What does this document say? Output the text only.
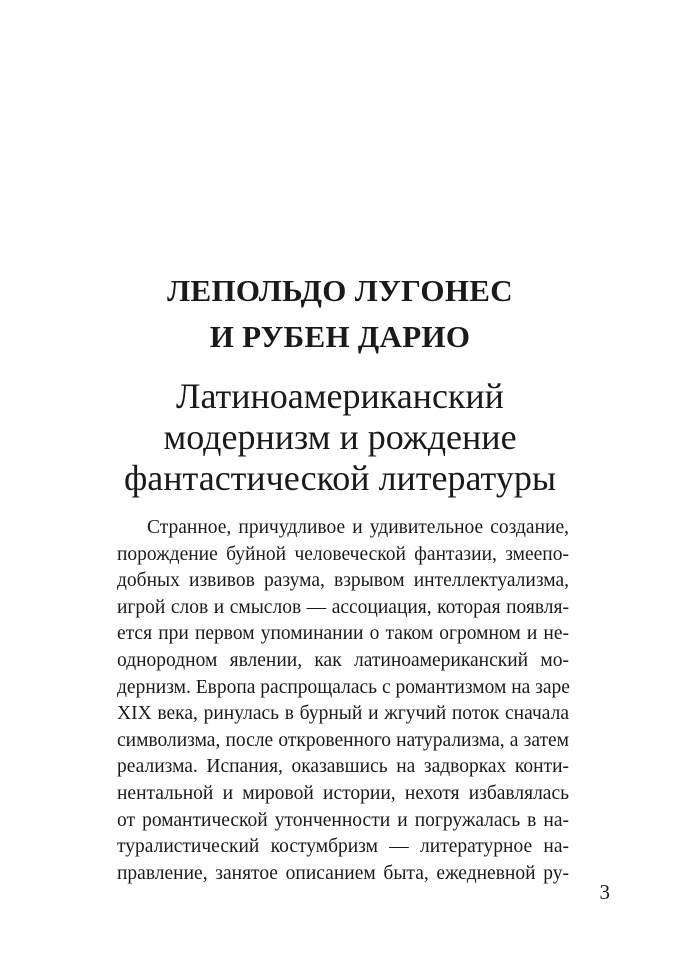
ЛЕПОЛЬДО ЛУГОНЕС
И РУБЕН ДАРИО
Латиноамериканский
модернизм и рождение
фантастической литературы
Странное, причудливое и удивительное создание,
порождение буйной человеческой фантазии, змеепо-
добных извивов разума, взрывом интеллектуализма,
игрой слов и смыслов — ассоциация, которая появля-
ется при первом упоминании о таком огромном и не-
однородном явлении, как латиноамериканский мо-
дернизм. Европа распрощалась с романтизмом на заре
XIX века, ринулась в бурный и жгучий поток сначала
символизма, после откровенного натурализма, а затем
реализма. Испания, оказавшись на задворках конти-
нентальной и мировой истории, нехотя избавлялась
от романтической утонченности и погружалась в на-
туралистический костумбризм — литературное на-
правление, занятое описанием быта, ежедневной ру-
3
